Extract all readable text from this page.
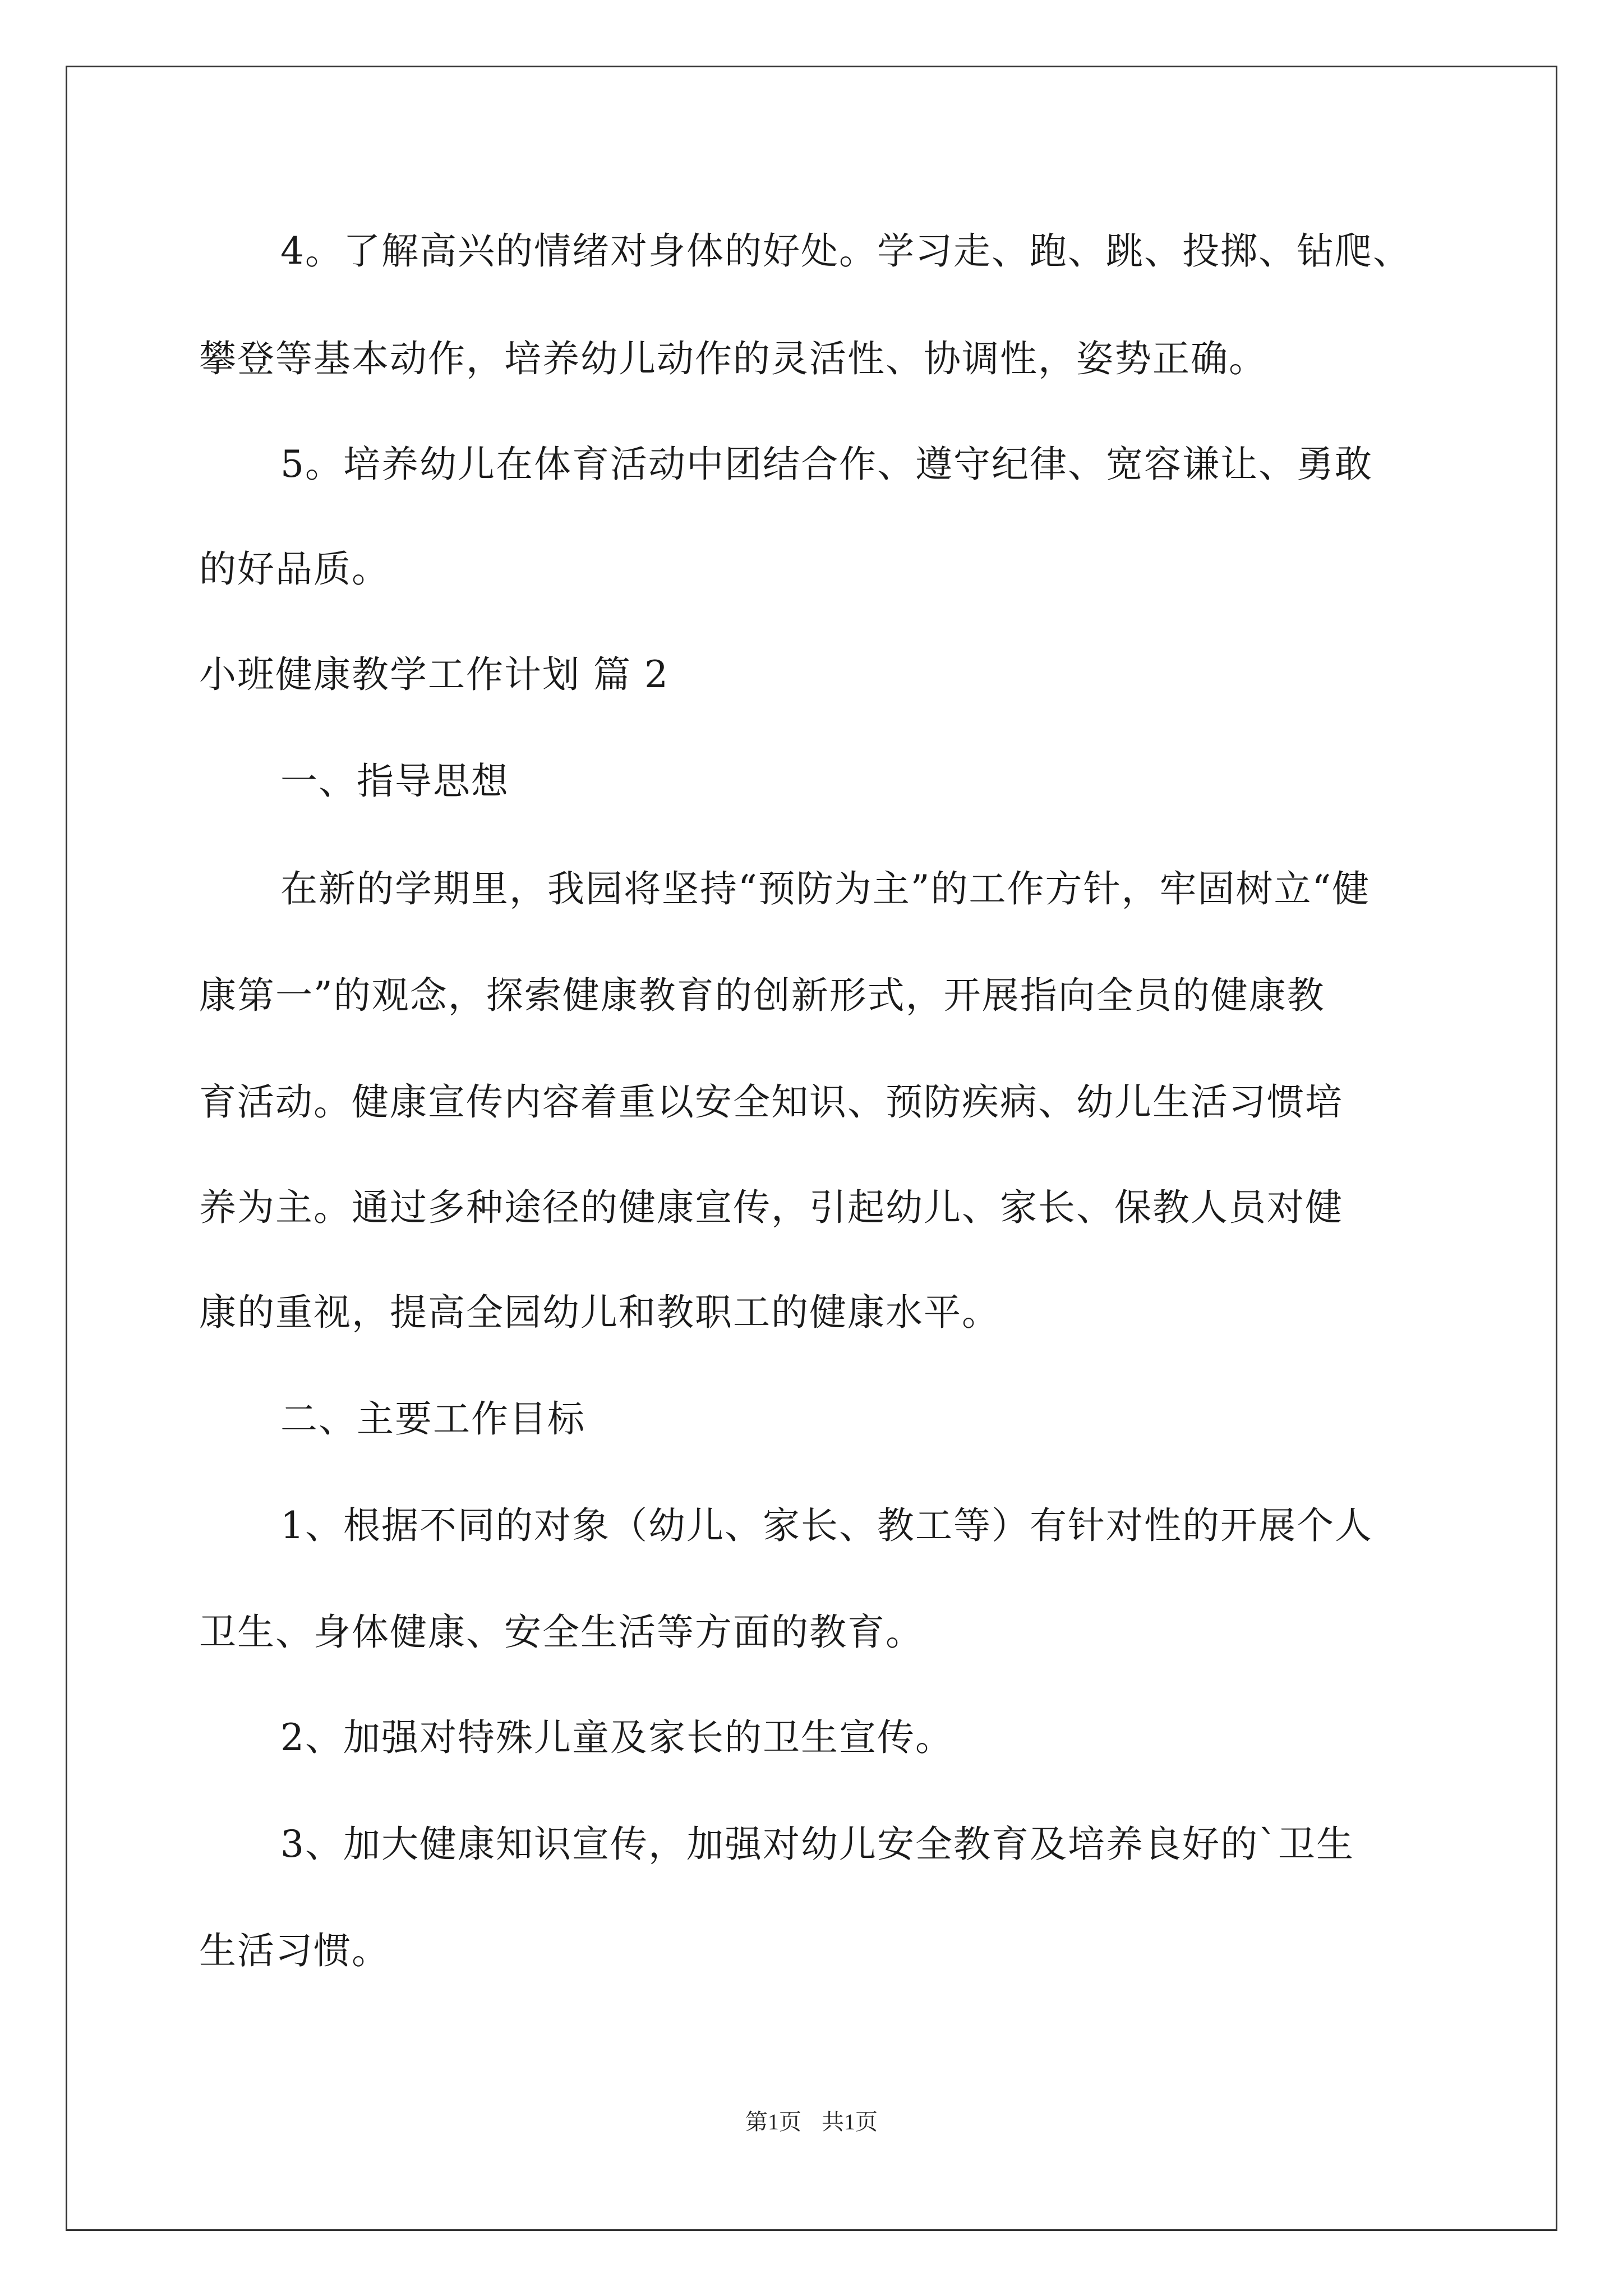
4。了解高兴的情绪对身体的好处。学习走、跑、跳、投掷、钻爬、
攀登等基本动作，培养幼儿动作的灵活性、协调性，姿势正确。
5。培养幼儿在体育活动中团结合作、遵守纪律、宽容谦让、勇敢
的好品质。
小班健康教学工作计划 篇 2
一、指导思想
在新的学期里，我园将坚持“预防为主”的工作方针，牢固树立“健
康第一”的观念，探索健康教育的创新形式，开展指向全员的健康教
育活动。健康宣传内容着重以安全知识、预防疾病、幼儿生活习惯培
养为主。通过多种途径的健康宣传，引起幼儿、家长、保教人员对健
康的重视，提高全园幼儿和教职工的健康水平。
二、主要工作目标
1、根据不同的对象（幼儿、家长、教工等）有针对性的开展个人
卫生、身体健康、安全生活等方面的教育。
2、加强对特殊儿童及家长的卫生宣传。
3、加大健康知识宣传，加强对幼儿安全教育及培养良好的`卫生
生活习惯。
第1页 共1页
